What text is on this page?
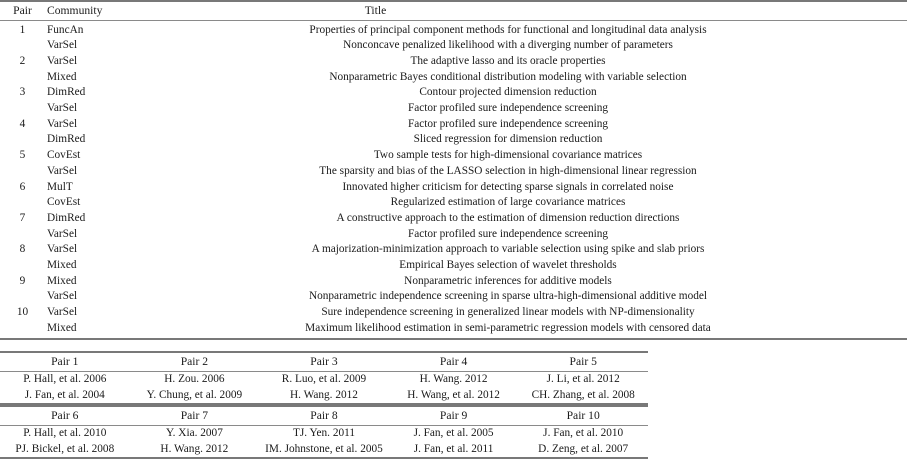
Pair	Community	Title
1	FuncAn	Properties of principal component methods for functional and longitudinal data analysis
	VarSel	Nonconcave penalized likelihood with a diverging number of parameters
2	VarSel	The adaptive lasso and its oracle properties
	Mixed	Nonparametric Bayes conditional distribution modeling with variable selection
3	DimRed	Contour projected dimension reduction
	VarSel	Factor profiled sure independence screening
4	VarSel	Factor profiled sure independence screening
	DimRed	Sliced regression for dimension reduction
5	CovEst	Two sample tests for high-dimensional covariance matrices
	VarSel	The sparsity and bias of the LASSO selection in high-dimensional linear regression
6	MulT	Innovated higher criticism for detecting sparse signals in correlated noise
	CovEst	Regularized estimation of large covariance matrices
7	DimRed	A constructive approach to the estimation of dimension reduction directions
	VarSel	Factor profiled sure independence screening
8	VarSel	A majorization-minimization approach to variable selection using spike and slab priors
	Mixed	Empirical Bayes selection of wavelet thresholds
9	Mixed	Nonparametric inferences for additive models
	VarSel	Nonparametric independence screening in sparse ultra-high-dimensional additive model
10	VarSel	Sure independence screening in generalized linear models with NP-dimensionality
	Mixed	Maximum likelihood estimation in semi-parametric regression models with censored data
Pair 1	Pair 2	Pair 3	Pair 4	Pair 5
P. Hall, et al. 2006	H. Zou. 2006	R. Luo, et al. 2009	H. Wang. 2012	J. Li, et al. 2012
J. Fan, et al. 2004	Y. Chung, et al. 2009	H. Wang. 2012	H. Wang, et al. 2012	CH. Zhang, et al. 2008
Pair 6	Pair 7	Pair 8	Pair 9	Pair 10
P. Hall, et al. 2010	Y. Xia. 2007	TJ. Yen. 2011	J. Fan, et al. 2005	J. Fan, et al. 2010
PJ. Bickel, et al. 2008	H. Wang. 2012	IM. Johnstone, et al. 2005	J. Fan, et al. 2011	D. Zeng, et al. 2007
